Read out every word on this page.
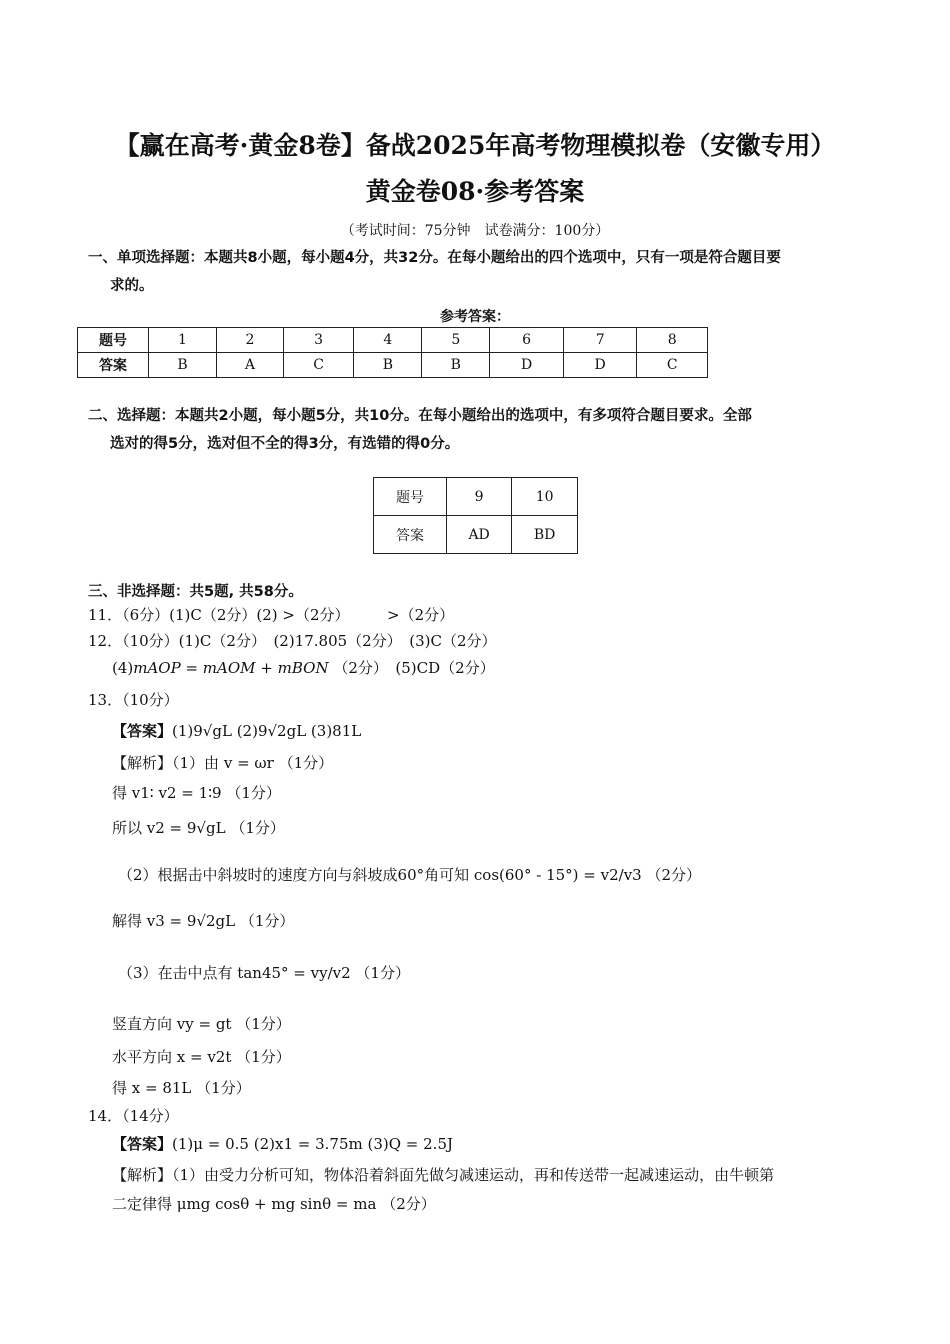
【赢在高考·黄金8卷】备战2025年高考物理模拟卷（安徽专用）
黄金卷08·参考答案
（考试时间：75分钟　试卷满分：100分）
一、单项选择题：本题共8小题，每小题4分，共32分。在每小题给出的四个选项中，只有一项是符合题目要
求的。
参考答案：
题号	1	2	3	4	5	6	7	8
答案	B	A	C	B	B	D	D	C
二、选择题：本题共2小题，每小题5分，共10分。在每小题给出的选项中，有多项符合题目要求。全部
选对的得5分，选对但不全的得3分，有选错的得0分。
题号	9	10
答案	AD	BD
三、非选择题：共5题, 共58分。
11．（6分）(1)C（2分）(2) >（2分）　　　>（2分）
12．（10分）(1)C（2分）　(2)17.805（2分）　(3)C（2分）
(4)mAOP = mAOM + mBON （2分）　(5)CD（2分）
13．（10分）
【答案】(1)9√gL (2)9√2gL (3)81L
【解析】（1）由 v = ωr （1分）
得 v1∶ v2 = 1∶9 （1分）
所以 v2 = 9√gL （1分）
（2）根据击中斜坡时的速度方向与斜坡成60°角可知 cos(60° - 15°) = v2/v3 （2分）
解得 v3 = 9√2gL （1分）
（3）在击中点有 tan45° = vy/v2 （1分）
竖直方向 vy = gt （1分）
水平方向 x = v2t （1分）
得 x = 81L （1分）
14．（14分）
【答案】(1)μ = 0.5 (2)x1 = 3.75m (3)Q = 2.5J
【解析】（1）由受力分析可知，物体沿着斜面先做匀减速运动，再和传送带一起减速运动，由牛顿第
二定律得 μmg cosθ + mg sinθ = ma （2分）
